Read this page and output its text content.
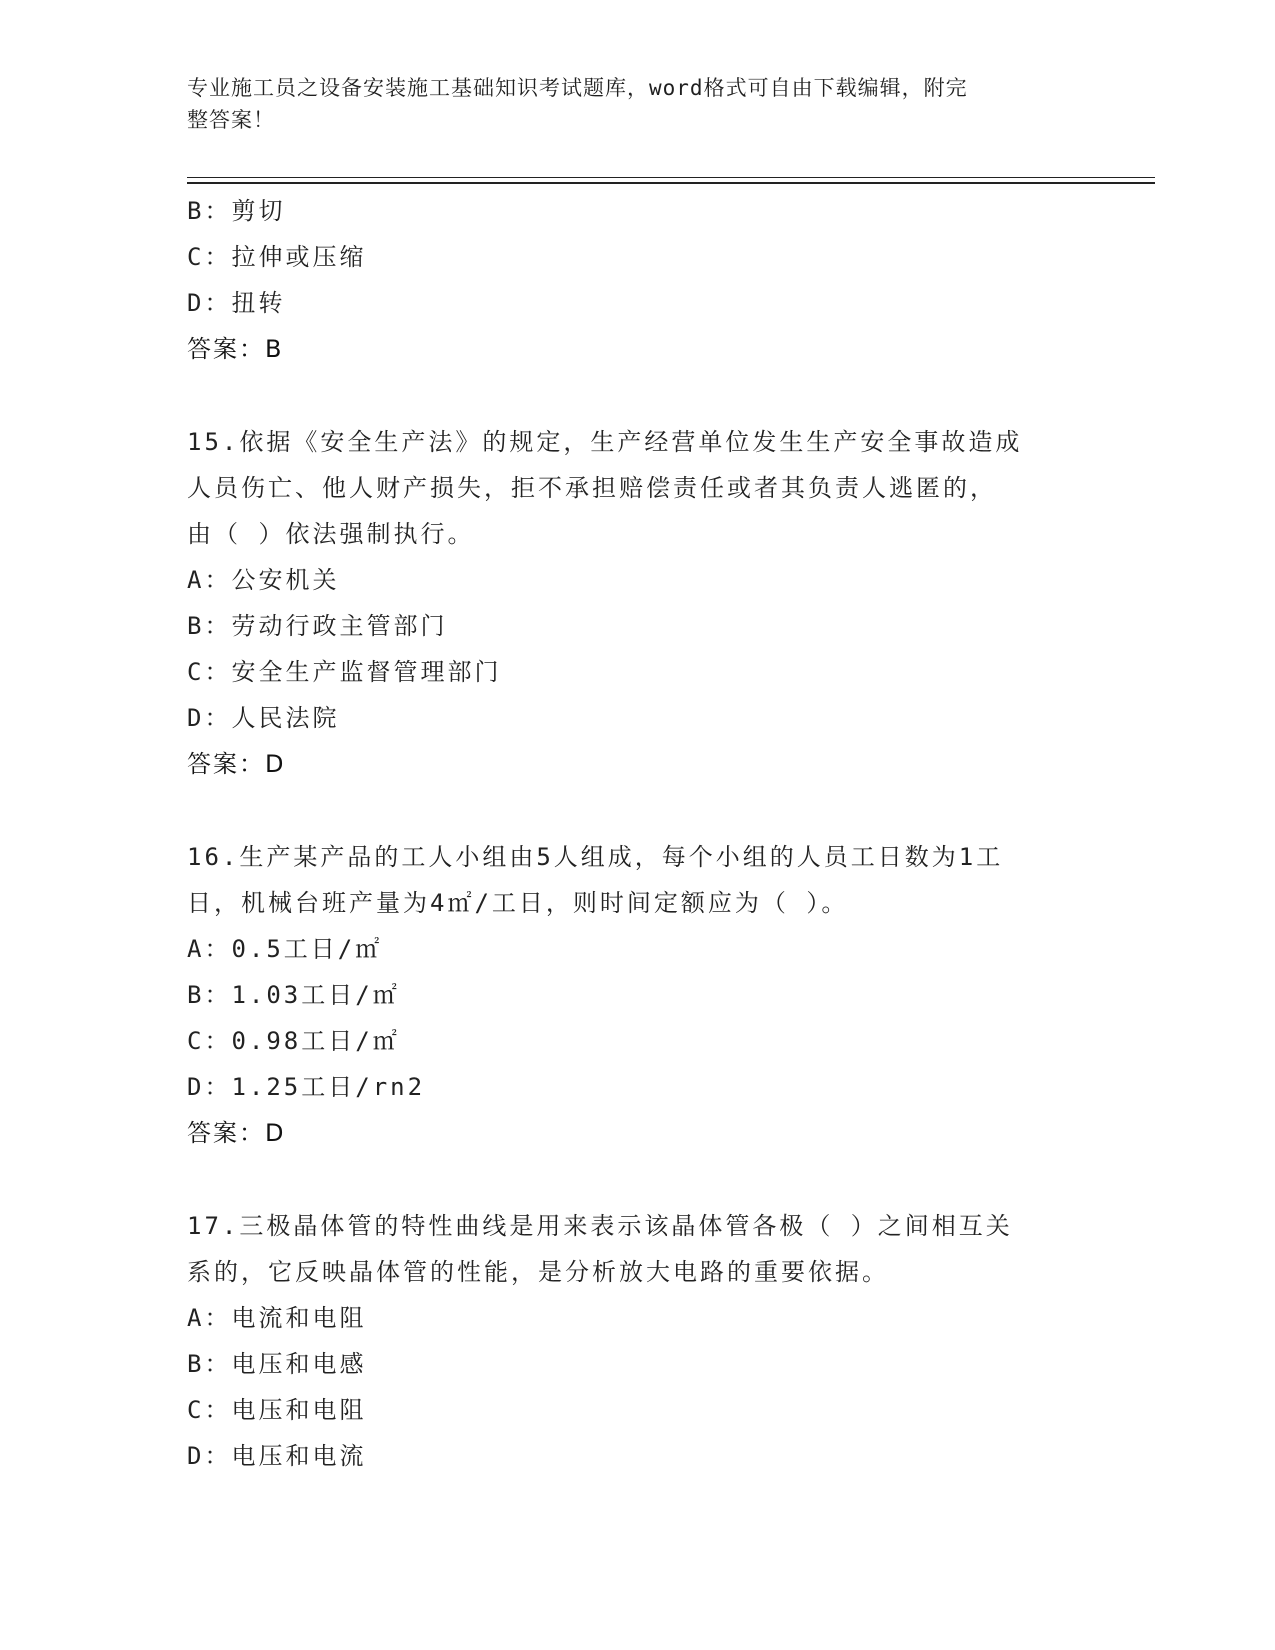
专业施工员之设备安装施工基础知识考试题库，word格式可自由下载编辑，附完
整答案！
B：剪切
C：拉伸或压缩
D：扭转
答案：B
15.依据《安全生产法》的规定，生产经营单位发生生产安全事故造成
人员伤亡、他人财产损失，拒不承担赔偿责任或者其负责人逃匿的，
由（ ）依法强制执行。
A：公安机关
B：劳动行政主管部门
C：安全生产监督管理部门
D：人民法院
答案：D
16.生产某产品的工人小组由5人组成，每个小组的人员工日数为1工
日，机械台班产量为4㎡/工日，则时间定额应为（ ）。
A：0.5工日/㎡
B：1.03工日/㎡
C：0.98工日/㎡
D：1.25工日/rn2
答案：D
17.三极晶体管的特性曲线是用来表示该晶体管各极（ ）之间相互关
系的，它反映晶体管的性能，是分析放大电路的重要依据。
A：电流和电阻
B：电压和电感
C：电压和电阻
D：电压和电流
